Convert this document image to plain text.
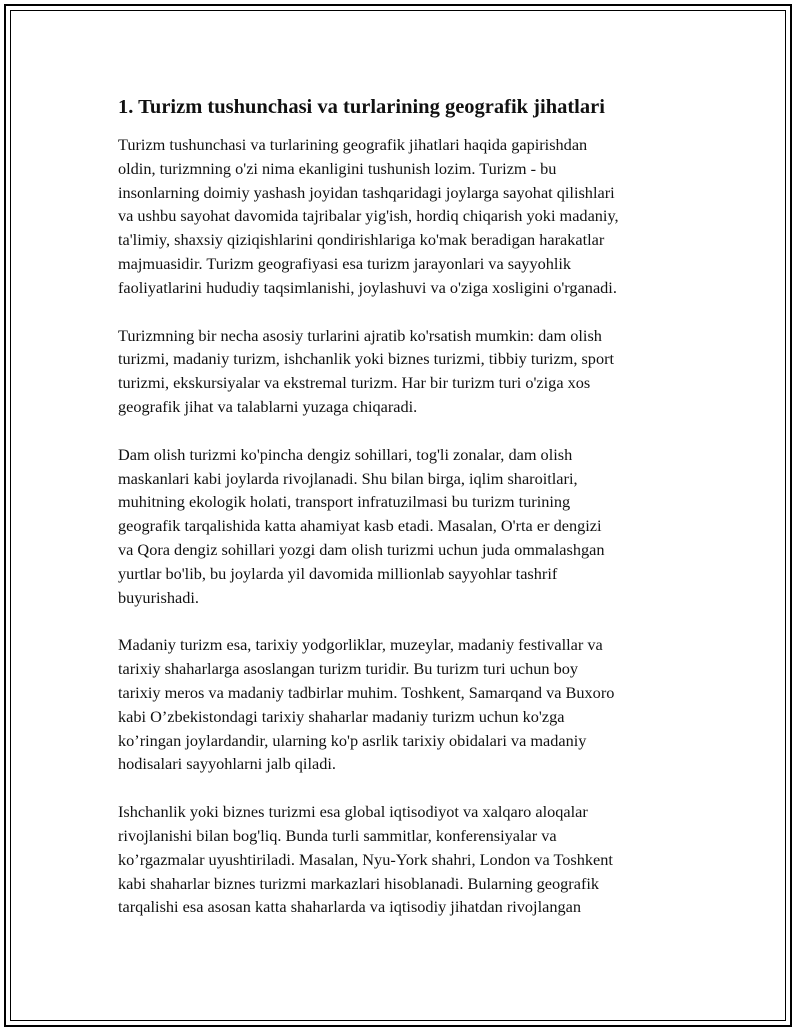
1. Turizm tushunchasi va turlarining geografik jihatlari
Turizm tushunchasi va turlarining geografik jihatlari haqida gapirishdan
oldin, turizmning o'zi nima ekanligini tushunish lozim. Turizm - bu
insonlarning doimiy yashash joyidan tashqaridagi joylarga sayohat qilishlari
va ushbu sayohat davomida tajribalar yig'ish, hordiq chiqarish yoki madaniy,
ta'limiy, shaxsiy qiziqishlarini qondirishlariga ko'mak beradigan harakatlar
majmuasidir. Turizm geografiyasi esa turizm jarayonlari va sayyohlik
faoliyatlarini hududiy taqsimlanishi, joylashuvi va o'ziga xosligini o'rganadi.
Turizmning bir necha asosiy turlarini ajratib ko'rsatish mumkin: dam olish
turizmi, madaniy turizm, ishchanlik yoki biznes turizmi, tibbiy turizm, sport
turizmi, ekskursiyalar va ekstremal turizm. Har bir turizm turi o'ziga xos
geografik jihat va talablarni yuzaga chiqaradi.
Dam olish turizmi ko'pincha dengiz sohillari, tog'li zonalar, dam olish
maskanlari kabi joylarda rivojlanadi. Shu bilan birga, iqlim sharoitlari,
muhitning ekologik holati, transport infratuzilmasi bu turizm turining
geografik tarqalishida katta ahamiyat kasb etadi. Masalan, O'rta er dengizi
va Qora dengiz sohillari yozgi dam olish turizmi uchun juda ommalashgan
yurtlar bo'lib, bu joylarda yil davomida millionlab sayyohlar tashrif
buyurishadi.
Madaniy turizm esa, tarixiy yodgorliklar, muzeylar, madaniy festivallar va
tarixiy shaharlarga asoslangan turizm turidir. Bu turizm turi uchun boy
tarixiy meros va madaniy tadbirlar muhim. Toshkent, Samarqand va Buxoro
kabi O’zbekistondagi tarixiy shaharlar madaniy turizm uchun ko'zga
ko’ringan joylardandir, ularning ko'p asrlik tarixiy obidalari va madaniy
hodisalari sayyohlarni jalb qiladi.
Ishchanlik yoki biznes turizmi esa global iqtisodiyot va xalqaro aloqalar
rivojlanishi bilan bog'liq. Bunda turli sammitlar, konferensiyalar va
ko’rgazmalar uyushtiriladi. Masalan, Nyu-York shahri, London va Toshkent
kabi shaharlar biznes turizmi markazlari hisoblanadi. Bularning geografik
tarqalishi esa asosan katta shaharlarda va iqtisodiy jihatdan rivojlangan
